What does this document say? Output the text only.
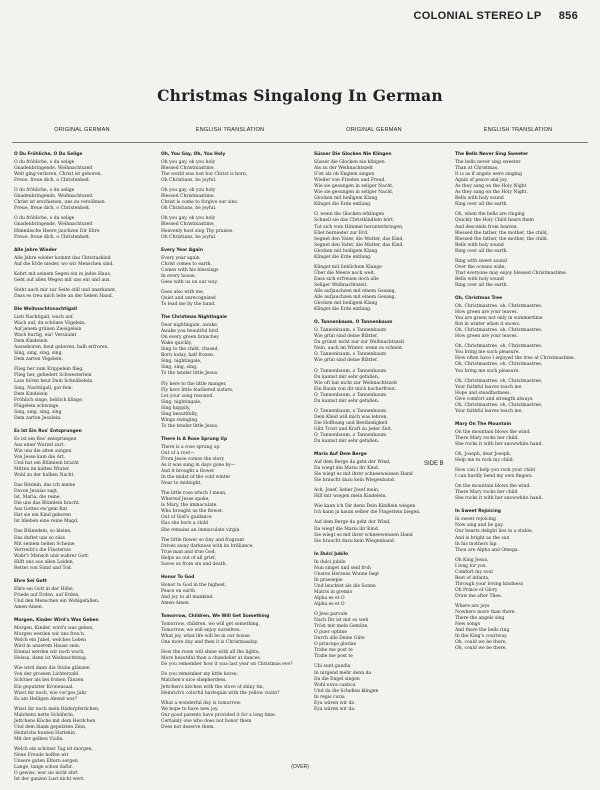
COLONIAL STEREO LP 856
Christmas Singalong In German
ORIGINAL GERMAN	ENGLISH TRANSLATION	ORIGINAL GERMAN	ENGLISH TRANSLATION
O Du Fröhliche, O Du Selige
O du fröhliche, o du selige
Gnadenbringende, Weihnachtszeit
Welt ging verloren, Christ ist geboren,
Freue, freue dich, o Christenheit.
O du fröhliche, o du selige
Gnadenbringende, Weihnachtszeit
Christ ist erschienen, uns zu versühnen
Freue, freue dich, o Christenheit.
O du fröhliche, o du selige
Gnadenbringende, Weihnachtszeit
Himmlische Heere jauchzen Dir Ehre
Freue, freue dich, o Christenheit.
Alle Jahre Wieder
Alle Jahre wieder kommt das Christuskind
Auf die Erde nieder, wo wir Menschen sind.
Kehrt mit seinem Segen ein in jedes Haus,
Geht auf allen Wegen mit uns ein und aus.
Steht auch mir zur Seite still und unerkannt,
Dass es treu mich leite an der lieben Hand.
Die Weihnachtsnachtigall
Lieb Nachtigall, wach auf,
Wach auf, du schönes Vögelein,
Auf jenem grünen Zweigelein
Wach hurtig, eia! Versäumt
Dem Kindelein
Ausseboren, heut geboren, halb erfroren.
Sing, sing, sing, sing,
Dem zarten Vögelein.
Flieg her zum Krippelein flieg,
Flieg her, gefiedert Schwesterlein
Lass hören heut Dein Schnäbelein
Sing, Nachtigall, gar fein.
Dem Kindelein
Fröhlich singe, lieblich klinge,
Flügelein schwinge.
Sing, sing, sing, sing
Dem zarten Jesulein.
Es Ist Ein Ros' Entsprungen
Es ist ein Ros' entsprungen
Aus einer Wurzel zart.
Wie uns die alten sungen
Von Jesse kam die Art.
Und hat ein Blümlein bracht
Mitten im kalten Winter,
Wohl zu der halben Nacht.
Das Röslein, das ich meine
Davon Jesaias sagt,
Ist, Maria, die reine,
Die uns das Blümlein bracht.
Aus Gottes ew'gem Rat
Hat sie ein Kind geboren
Ist blieben eine reine Magd.
Das Blümelein, so kleine,
Das duftet uns so süss
Mit seinem hellen Scheine
Vertreibt's die Finsternis
Wahr'r Mensch und wahrer Gott.
Hilft uns aus allen Leiden,
Rettet von Sünd und Tod.
Ehre Sei Gott
Ehre sei Gott in der Höhe,
Friede auf Erden, auf Erden,
Und den Menschen ein Wohlgefallen.
Amen-Amen.
Morgen, Kinder Wird's Was Geben
Morgen, Kinder, wird's was geben,
Morgen werden wir uns freu'n.
Welch ein Jubel, welches Leben
Wird in unserem Hause sein.
Einmal werden wir noch wach,
Heissa, dann ist Weihnachtstag.
Wie wird dann die Stube glänzen
Von der grossen Lichterzahl.
Schöner als bei frohen Tänzen
Ein geputzter Kronensaal.
Wisst ihr noch, wie vor'ges Jahr
Es am Heiligen Abend war?
Wisst ihr noch mein Räderpferdchen,
Malchens nette Schäferin,
Jettchens Küche mit dem Herdchen
Und dem blank geputzten Zinn,
Heinrichs bunten Harlekin
Mit der gelben Violin.
Welch ein schöner Tag ist morgen,
Neue Freude hoffen wir
Unsere guten Eltern sorgen
Lange, lange schon dafür.
O gewiss, wer sie nicht ehrt
Ist der ganzen Lust nicht wert.
Oh, You Gay, Oh, You Holy
Oh you gay, oh you holy
Blessed Christmastime,
The world was lost but Christ is born,
Oh Christians, be joyful.
Oh you gay, oh you holy
Blessed Christmastime,
Christ is come to forgive our sins.
Oh Christians, be joyful.
Oh you gay, oh you holy
Blessed Christmastime,
Heavenly host sing Thy praises.
Oh Christians, be joyful.
Every Year Again
Every year again
Christ comes to earth,
Comes with his blessings
In every house,
Goes with us on our way.
Goes also with me,
Quiet and unrecognized
To lead me by the hand.
The Christmas Nightingale
Dear nightingale, awake,
Awake you beautiful bird
On every green branchey
Wake quickly,
Sing to the child, chased,
Born today, half frozen.
Sing, nightingale,
Sing, sing, sing,
To the tender little Jesus.
Fly here to the little manger,
Fly here little feathered sisters,
Let your song resound.
Sing, nightingale,
Sing happily,
Sing beautifully,
Wings swinging.
To the tender little Jesus.
There Is A Rose Sprung Up
There is a rose sprung up
Out of a root—
From Jesse comes the story
As it was sung in days gone by—
And it brought a flower
In the midst of the cold winter
Near to midnight.
The little rose which I mean,
Whereof Jesse spoke,
Is Mary, the immaculate.
Who brought us the flower.
Out of God's guidance
Has she born a child
She remains an immaculate virgin.
The little flower so tiny and fragrant
Drives away darkness with its brilliance.
True man and true God,
Helps us out of all grief,
Saves us from sin and death.
Honor To God
Honor to God in the highest,
Peace on earth
And joy to all mankind.
Amen-Amen.
Tomorrow, Children, We Will Get Something
Tomorrow, children, we will get something,
Tomorrow, we will enjoy ourselves.
What joy, what life will be in our house.
One more day and then it is Christmasday.
How the room will shine with all the lights;
More beautiful than a chandelier at dances.
Do you remember how it was last year on Christmas eve?
Do you remember my little horse;
Malchen's nice shepherdess,
Jettchen's kitchen with the stove of shiny tin,
Heinrich's colorful harlequin with the yellow violin?
What a wonderful day is tomorrow.
We hope to have new joy.
Our good parents have provided it for a long time.
Certainly one who does not honor them
Does not deserve them.
Süsser Die Glocken Nie Klingen
Süsser die Glocken nie klingen
Als zu der Weihnachtszeit
S'ist als ob Englein singen
Wieder von Frieden und Freud.
Wie sie gesungen in seliger Nacht,
Wie sie gesungen in seliger Nacht,
Glocken mit heiligem Klang
Klinget die Erde entlang.
O, wenn die Glocken erklingen
Schnell sie das Christkindlein hört,
Tut sich vom Himmel herunterbringen,
Eilet hernieder zur Erd.
Segnet den Vater, die Mutter, das Kind,
Segnet den Vater, die Mutter, das Kind,
Glocken mit heiligem Klang
Klinget die Erde entlang.
Klinget mit lieblichem Klange
Über die Meere noch weit,
Dass sich erfreuen doch alle
Seliger Weihnachtszeit.
Alle aufjauchzen mit einem Gesang,
Alle aufjauchzen mit einem Gesang,
Glocken mit heiligem Klang
Klinget die Erde entlang.
O, Tannenbaum, O Tannenbaum
O, Tannenbaum, o Tannenbaum
Wie grün sind deine Blätter,
Du grünst nicht nur zur Weihnachtszeit
Nein, auch im Winter, wenn es schneit.
O, Tannenbaum, o Tannenbaum
Wie grün sind deine Blätter.
O, Tannenbaum, o Tannenbaum
Du kannst mir sehr gefallen,
Wie oft hat nicht zur Weihnachtszeit
Ein Baum von dir mich hocherfreut.
O, Tannenbaum, o Tannenbaum
Du kannst mir sehr gefallen.
O, Tannenbaum, o Tannenbaum
Dein Kleid will mich was lehren,
Die Hoffnung und Beständigkeit
Gibt Trost und Kraft zu jeder Zeit.
O, Tannenbaum, o Tannenbaum
Du kannst mir sehr gefallen.
Maria Auf Dem Berge
Auf dem Berge da geht der Wind,
Da wiegt die Maria ihr Kind.
Sie wiegt es mit ihrer schneeweissen Hand
Sie braucht dazu kein Wiegenband.
Ach, Josef, lieber Josef mein,
Hilf mir wiegen mein Kindelein.
Wie kann ich Dir denn Dein Kindlein wiegen
Ich kann ja kaum selber die Fingerlein biegen.
Auf dem Berge da geht der Wind,
Da wiegt die Maria ihr Kind.
Sie wiegt es mit ihrer schneeweissen Hand
Sie braucht dazu kein Wiegenband.
In Dulci Jubilo
In dulci jubilo
Nun singet und seid froh
Unsres Herzens Wonne liegt
In praesepio
Und leuchtet als die Sonne
Matris in gremio
Alpha es et O
Alpha es et O
O Jesu parvule
Nach Dir ist mir so weh
Tröst mir mein Gemüte,
O puer optime
Durch alle Deine Güte
O princeps gloriae
Trahe me post te
Trahe me post te
Ubi sunt gaudia
In nirgend mehr denn da
Da die Engel singen
Wohl nova cantica
Und da die Schellen klingen
In regis curia
Eya wären wir da
Eya wären wir da.
The Bells Never Sing Sweeter
The bells never sing sweeter
Than at Christmas,
It is as if angels were singing
Again of peace and joy.
As they sang on the Holy Night
As they sang on the Holy Night.
Bells with holy sound
Ring over all the earth.
Oh, when the bells are ringing
Quickly the Holy Child hears them
And descends from heaven.
Blessed the father, the mother, the child,
Blessed the father, the mother, the child.
Bells with holy sound
Ring over all the earth.
Ring with sweet sound
Over the oceans wide;
That everyone may enjoy blessed Christmastime.
Bells with holy sound
Ring over all the earth.
Oh, Christmas Tree
Oh, Christmastree, oh, Christmastree,
How green are your leaves.
You are green not only in summertime
But in winter when it snows.
Oh, Christmastree, oh, Christmastree,
How green are your leaves.
Oh, Christmastree, oh, Christmastree,
You bring me such pleasure.
How often have I enjoyed the tree at Christmastime.
Oh, Christmastree, oh, Christmastree,
You bring me such pleasure.
Oh, Christmastree, oh, Christmastree,
Your faithful leaves teach me
Hope and steadfastness.
Give comfort and strength always.
Oh, Christmastree, oh, Christmastree,
Your faithful leaves teach me.
Mary On The Mountain
On the mountain blows the wind.
There Mary rocks her child.
She rocks it with her snowwhite hand.
Oh, Joseph, dear Joseph,
Help me to rock my child.
How can I help you rock your child
I can hardly bend my own fingers.
On the mountain blows the wind.
There Mary rocks her child
She rocks it with her snowwhite hand.
In Sweet Rejoicing
In sweet rejoicing
Now sing and be gay.
Our hearts delight lies in a stable,
And is bright as the sun
In his mothers lap.
Thou are Alpha and Omega.
Oh King Jesus,
I long for you.
Comfort my soul
Best of infants,
Through your loving kindness
Oh Prince of Glory
Draw me after Thee.
Where are joys
Nowhere more than there.
There the angels sing
New songs
And there the bells ring
In the King's courtway.
Oh, could we be there,
Oh, could we be there.
SIDE B
(OVER)
